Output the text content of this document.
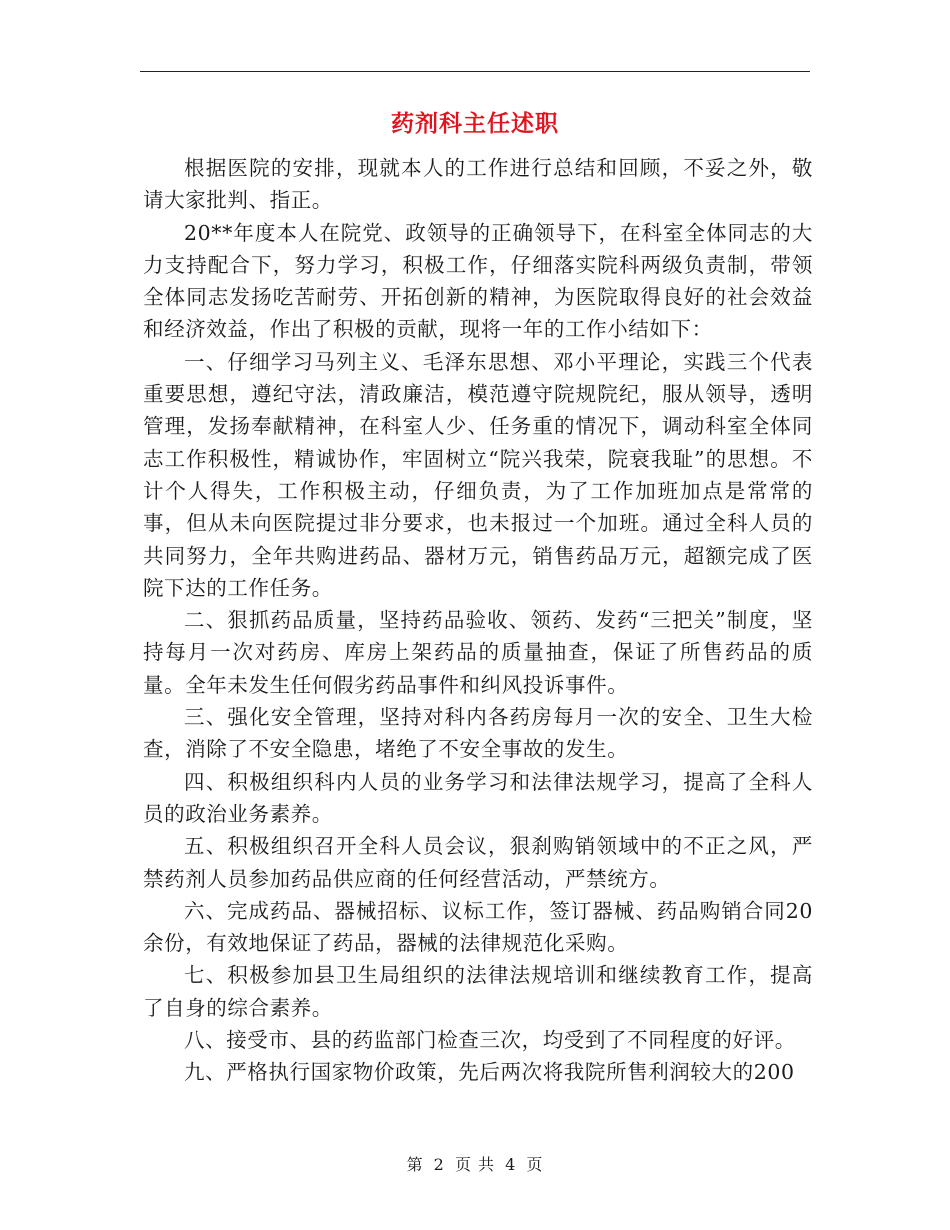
药剂科主任述职

根据医院的安排，现就本人的工作进行总结和回顾，不妥之外，敬请大家批判、指正。

20**年度本人在院党、政领导的正确领导下，在科室全体同志的大力支持配合下，努力学习，积极工作，仔细落实院科两级负责制，带领全体同志发扬吃苦耐劳、开拓创新的精神，为医院取得良好的社会效益和经济效益，作出了积极的贡献，现将一年的工作小结如下：

一、仔细学习马列主义、毛泽东思想、邓小平理论，实践三个代表重要思想，遵纪守法，清政廉洁，模范遵守院规院纪，服从领导，透明管理，发扬奉献精神，在科室人少、任务重的情况下，调动科室全体同志工作积极性，精诚协作，牢固树立“院兴我荣，院衰我耻”的思想。不计个人得失，工作积极主动，仔细负责，为了工作加班加点是常常的事，但从未向医院提过非分要求，也未报过一个加班。通过全科人员的共同努力，全年共购进药品、器材万元，销售药品万元，超额完成了医院下达的工作任务。

二、狠抓药品质量，坚持药品验收、领药、发药“三把关”制度，坚持每月一次对药房、库房上架药品的质量抽查，保证了所售药品的质量。全年未发生任何假劣药品事件和纠风投诉事件。

三、强化安全管理，坚持对科内各药房每月一次的安全、卫生大检查，消除了不安全隐患，堵绝了不安全事故的发生。

四、积极组织科内人员的业务学习和法律法规学习，提高了全科人员的政治业务素养。

五、积极组织召开全科人员会议，狠刹购销领域中的不正之风，严禁药剂人员参加药品供应商的任何经营活动，严禁统方。

六、完成药品、器械招标、议标工作，签订器械、药品购销合同20余份，有效地保证了药品，器械的法律规范化采购。

七、积极参加县卫生局组织的法律法规培训和继续教育工作，提高了自身的综合素养。

八、接受市、县的药监部门检查三次，均受到了不同程度的好评。

九、严格执行国家物价政策，先后两次将我院所售利润较大的200

第 2 页 共 4 页
